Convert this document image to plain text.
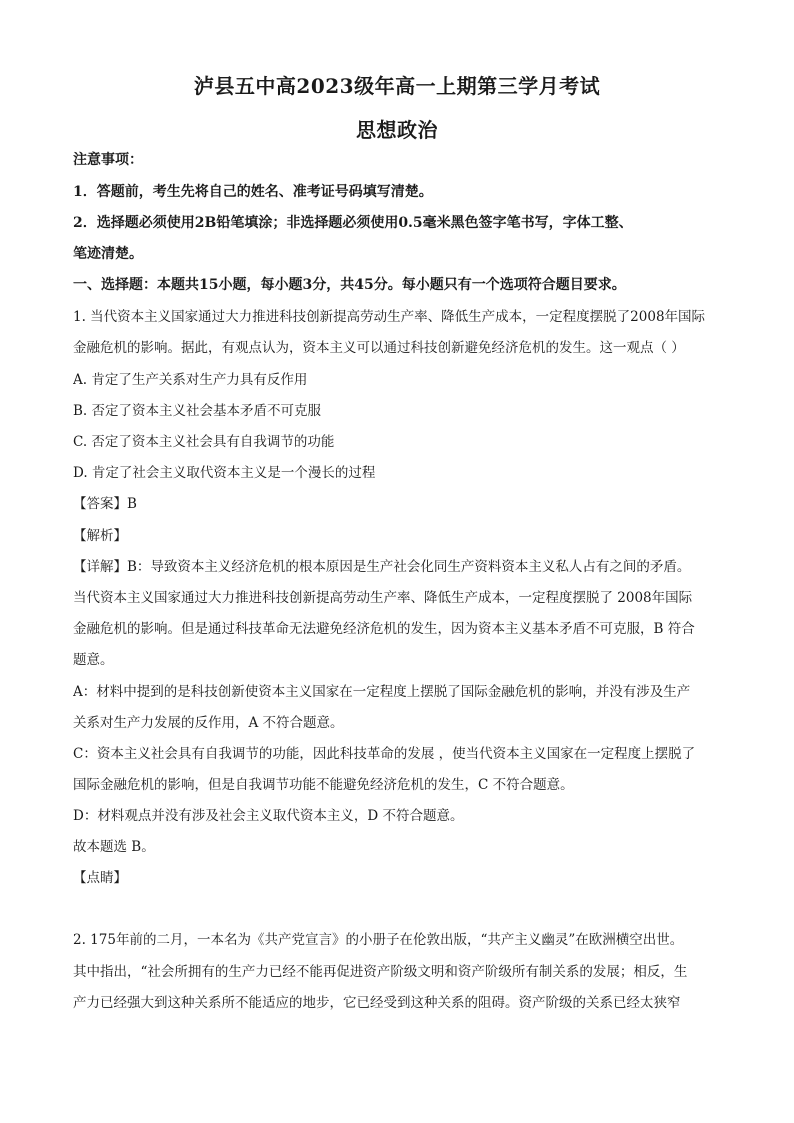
泸县五中高2023级年高一上期第三学月考试
思想政治
注意事项：
1．答题前，考生先将自己的姓名、准考证号码填写清楚。
2．选择题必须使用2B铅笔填涂；非选择题必须使用0.5毫米黑色签字笔书写，字体工整、
笔迹清楚。
一、选择题：本题共15小题，每小题3分，共45分。每小题只有一个选项符合题目要求。
1. 当代资本主义国家通过大力推进科技创新提高劳动生产率、降低生产成本，一定程度摆脱了2008年国际
金融危机的影响。据此，有观点认为，资本主义可以通过科技创新避免经济危机的发生。这一观点（ ）
A. 肯定了生产关系对生产力具有反作用
B. 否定了资本主义社会基本矛盾不可克服
C. 否定了资本主义社会具有自我调节的功能
D. 肯定了社会主义取代资本主义是一个漫长的过程
【答案】B
【解析】
【详解】B：导致资本主义经济危机的根本原因是生产社会化同生产资料资本主义私人占有之间的矛盾。
当代资本主义国家通过大力推进科技创新提高劳动生产率、降低生产成本，一定程度摆脱了 2008年国际
金融危机的影响。但是通过科技革命无法避免经济危机的发生，因为资本主义基本矛盾不可克服，B 符合
题意。
A：材料中提到的是科技创新使资本主义国家在一定程度上摆脱了国际金融危机的影响，并没有涉及生产
关系对生产力发展的反作用，A 不符合题意。
C：资本主义社会具有自我调节的功能，因此科技革命的发展 ，使当代资本主义国家在一定程度上摆脱了
国际金融危机的影响，但是自我调节功能不能避免经济危机的发生，C 不符合题意。
D：材料观点并没有涉及社会主义取代资本主义，D 不符合题意。
故本题选 B。
【点睛】
2. 175年前的二月，一本名为《共产党宣言》的小册子在伦敦出版，“共产主义幽灵”在欧洲横空出世。
其中指出，“社会所拥有的生产力已经不能再促进资产阶级文明和资产阶级所有制关系的发展；相反，生
产力已经强大到这种关系所不能适应的地步，它已经受到这种关系的阻碍。资产阶级的关系已经太狭窄
